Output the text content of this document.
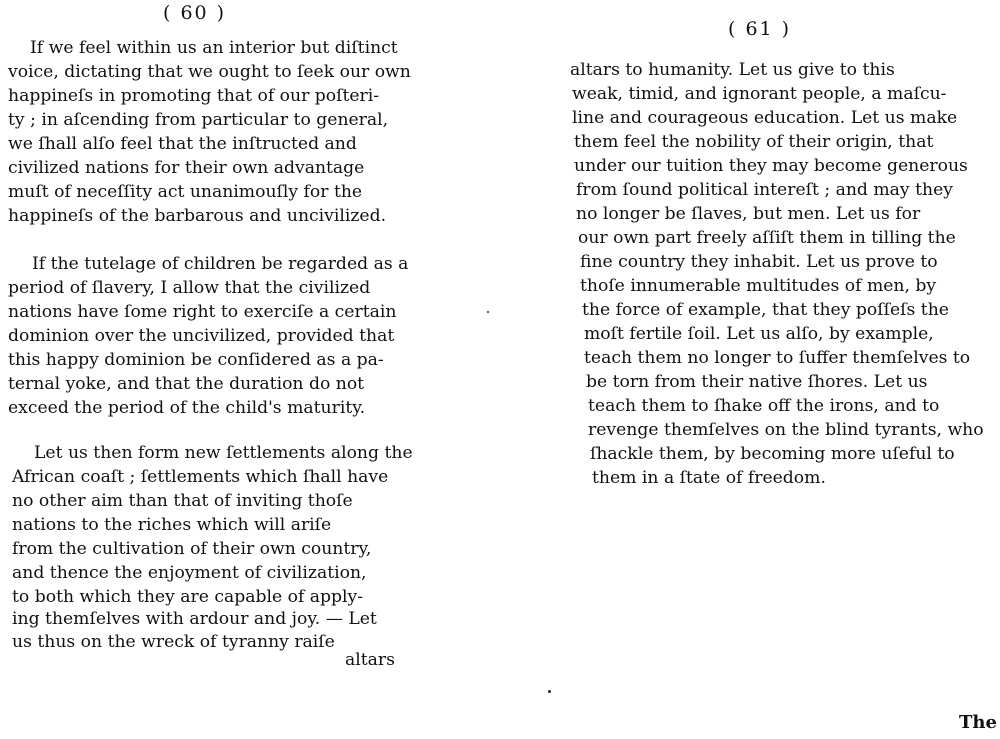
( 60 )
If we feel within us an interior but diſtinct
voice, dictating that we ought to ſeek our own
happineſs in promoting that of our poſteri-
ty ; in aſcending from particular to general,
we ſhall alſo feel that the inſtructed and
civilized nations for their own advantage
muſt of neceſſity act unanimouſly for the
happineſs of the barbarous and uncivilized.
If the tutelage of children be regarded as a
period of ſlavery, I allow that the civilized
nations have ſome right to exerciſe a certain
dominion over the uncivilized, provided that
this happy dominion be conſidered as a pa-
ternal yoke, and that the duration do not
exceed the period of the child's maturity.
Let us then form new ſettlements along the
African coaſt ; ſettlements which ſhall have
no other aim than that of inviting thoſe
nations to the riches which will ariſe
from the cultivation of their own country,
and thence the enjoyment of civilization,
to both which they are capable of apply-
ing themſelves with ardour and joy. — Let
us thus on the wreck of tyranny raiſe
altars
( 61 )
altars to humanity. Let us give to this
weak, timid, and ignorant people, a maſcu-
line and courageous education. Let us make
them feel the nobility of their origin, that
under our tuition they may become generous
from ſound political intereſt ; and may they
no longer be ſlaves, but men. Let us for
our own part freely aſſiſt them in tilling the
fine country they inhabit. Let us prove to
thoſe innumerable multitudes of men, by
the force of example, that they poſſeſs the
moſt fertile ſoil. Let us alſo, by example,
teach them no longer to ſuffer themſelves to
be torn from their native ſhores. Let us
teach them to ſhake off the irons, and to
revenge themſelves on the blind tyrants, who
ſhackle them, by becoming more uſeful to
them in a ſtate of freedom.
The
